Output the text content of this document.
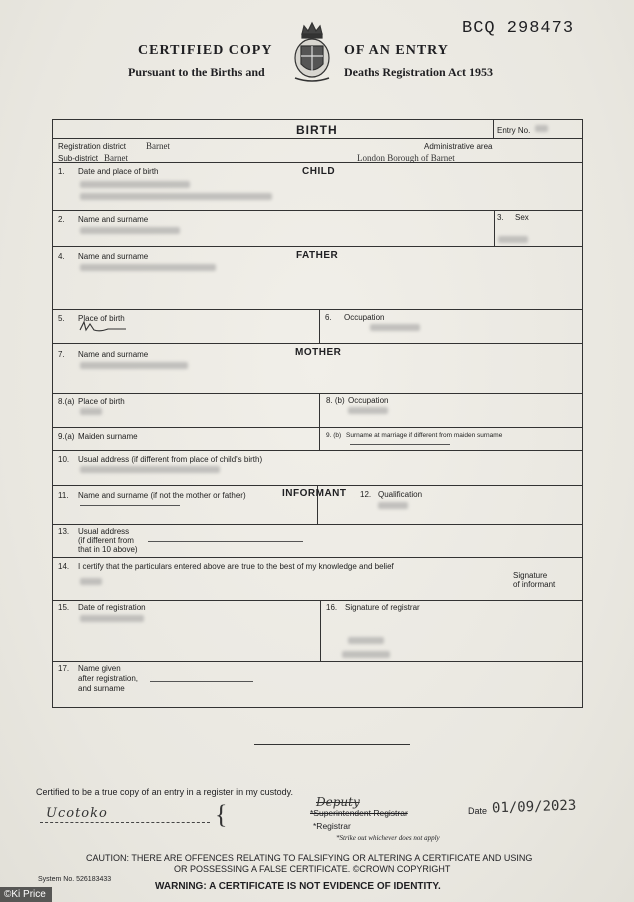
BCQ 298473
CERTIFIED COPY	OF AN ENTRY
Pursuant to the Births and	Deaths Registration Act 1953
BIRTH	Entry No.
Registration district Barnet
Sub-district Barnet
Administrative area
London Borough of Barnet
1. Date and place of birth	CHILD
2. Name and surname	3. Sex
4. Name and surname	FATHER
5. Place of birth	6. Occupation
7. Name and surname	MOTHER
8.(a) Place of birth	8. (b) Occupation
9.(a) Maiden surname	9. (b) Surname at marriage if different from maiden surname
10. Usual address (if different from place of child's birth)
11. Name and surname (if not the mother or father)	INFORMANT 12. Qualification
13. Usual address
(if different from
that in 10 above)
14. I certify that the particulars entered above are true to the best of my knowledge and belief
Signature
of informant
15. Date of registration	16. Signature of registrar
17. Name given
after registration,
and surname
Certified to be a true copy of an entry in a register in my custody.
Ucotoko	{	Deputy
*Superintendent Registrar
*Registrar
*Strike out whichever does not apply
Date 01/09/2023
CAUTION: THERE ARE OFFENCES RELATING TO FALSIFYING OR ALTERING A CERTIFICATE AND USING
OR POSSESSING A FALSE CERTIFICATE. ©CROWN COPYRIGHT
System No. 526183433
WARNING: A CERTIFICATE IS NOT EVIDENCE OF IDENTITY.
©Ki Price
